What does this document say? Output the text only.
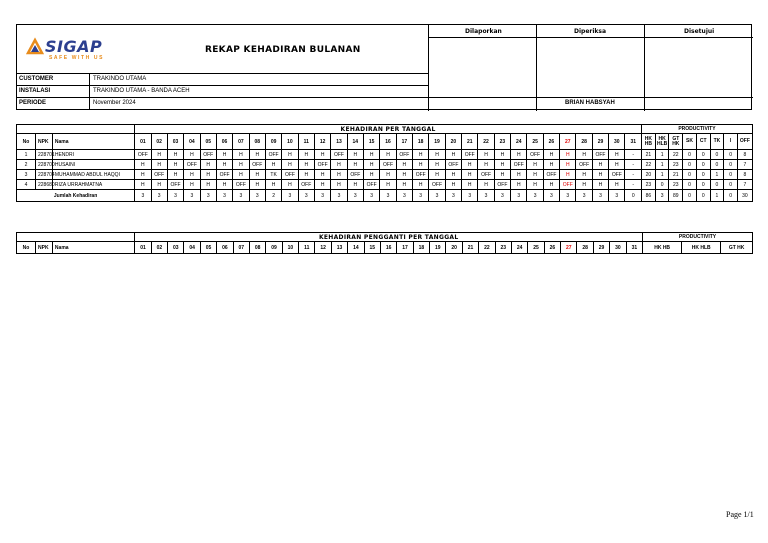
SIGAP
SAFE WITH US
REKAP KEHADIRAN BULANAN
CUSTOMER	TRAKINDO UTAMA
INSTALASI	TRAKINDO UTAMA - BANDA ACEH
PERIODE	November 2024
Dilaporkan	Diperiksa	Disetujui
BRIAN HABSYAH
			KEHADIRAN PER TANGGAL																															PRODUCTIVITY							
No	NPK	Nama	01	02	03	04	05	06	07	08	09	10	11	12	13	14	15	16	17	18	19	20	21	22	23	24	25	26	27	28	29	30	31	HK HB	HK HLB	GT HK	SK	CT	TK	I	OFF
1	228701	HENDRI	OFF	H	H	H	OFF	H	H	H	OFF	H	H	H	OFF	H	H	H	OFF	H	H	H	OFF	H	H	H	OFF	H	H	H	OFF	H	-	21	1	22	0	0	0	0	8
2	228700	HUSAINI	H	H	H	OFF	H	H	H	OFF	H	H	H	OFF	H	H	H	OFF	H	H	H	OFF	H	H	H	OFF	H	H	H	OFF	H	H	-	22	1	23	0	0	0	0	7
3	228704	MUHAMMAD ABDUL HAQQI	H	OFF	H	H	H	OFF	H	H	TK	OFF	H	H	H	OFF	H	H	H	OFF	H	H	H	OFF	H	H	H	OFF	H	H	H	OFF	-	20	1	21	0	0	1	0	8
4	228680	RIZA URRAHMATNA	H	H	OFF	H	H	H	OFF	H	H	H	OFF	H	H	H	OFF	H	H	H	OFF	H	H	H	OFF	H	H	H	OFF	H	H	H	-	23	0	23	0	0	0	0	7
Jumlah Kehadiran			3	3	3	3	3	3	3	3	2	3	3	3	3	3	3	3	3	3	3	3	3	3	3	3	3	3	3	3	3	3	0	86	3	89	0	0	1	0	30
			KEHADIRAN PENGGANTI PER TANGGAL																															PRODUCTIVITY		
No	NPK	Nama	01	02	03	04	05	06	07	08	09	10	11	12	13	14	15	16	17	18	19	20	21	22	23	24	25	26	27	28	29	30	31	HK HB	HK HLB	GT HK
Page 1/1
